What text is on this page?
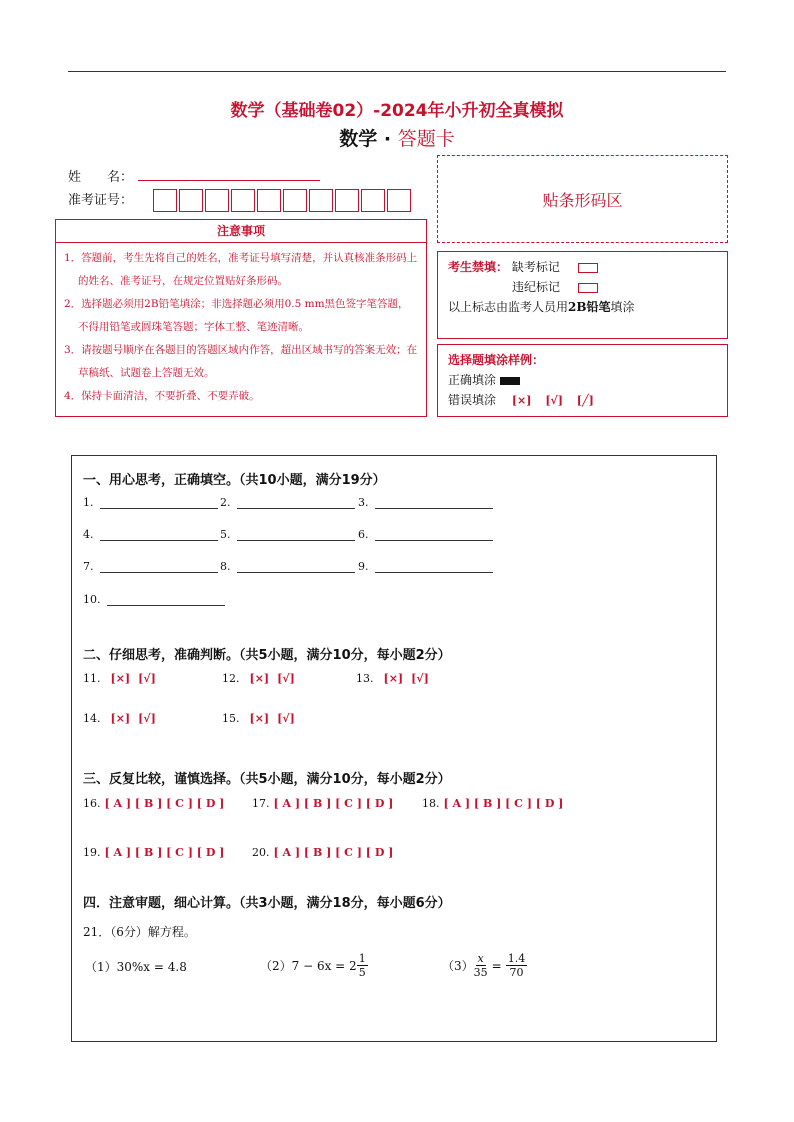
数学（基础卷02）-2024年小升初全真模拟
数学 · 答题卡
姓　　名：
准考证号：	贴条形码区
注意事项
1．答题前，考生先将自己的姓名，准考证号填写清楚，并认真核准条形码上的姓名、准考证号，在规定位置贴好条形码。
2．选择题必须用2B铅笔填涂；非选择题必须用0.5 mm黑色签字笔答题，不得用铅笔或圆珠笔答题；字体工整、笔迹清晰。
3．请按题号顺序在各题目的答题区域内作答，超出区域书写的答案无效；在草稿纸、试题卷上答题无效。
4．保持卡面清洁，不要折叠、不要弄破。
考生禁填： 缺考标记
违纪标记
以上标志由监考人员用2B铅笔填涂
选择题填涂样例：
正确填涂
错误填涂 [×] [√] [╱]
一、用心思考，正确填空。（共10小题，满分19分）
1.	2.	3.
4.	5.	6.
7.	8.	9.
10.
二、仔细思考，准确判断。（共5小题，满分10分，每小题2分）
11. [×] [√]	12. [×] [√]	13. [×] [√]
14. [×] [√]	15. [×] [√]
三、反复比较，谨慎选择。（共5小题，满分10分，每小题2分）
16. [ A ] [ B ] [ C ] [ D ]	17. [ A ] [ B ] [ C ] [ D ]	18. [ A ] [ B ] [ C ] [ D ]
19. [ A ] [ B ] [ C ] [ D ]	20. [ A ] [ B ] [ C ] [ D ]
四．注意审题，细心计算。（共3小题，满分18分，每小题6分）
21．（6分）解方程。
（1）30%x = 4.8	$(2)7 - 6x = 2 \frac{1}{5}$	$(3) \frac{x}{35} = \frac{1.4}{70}$
